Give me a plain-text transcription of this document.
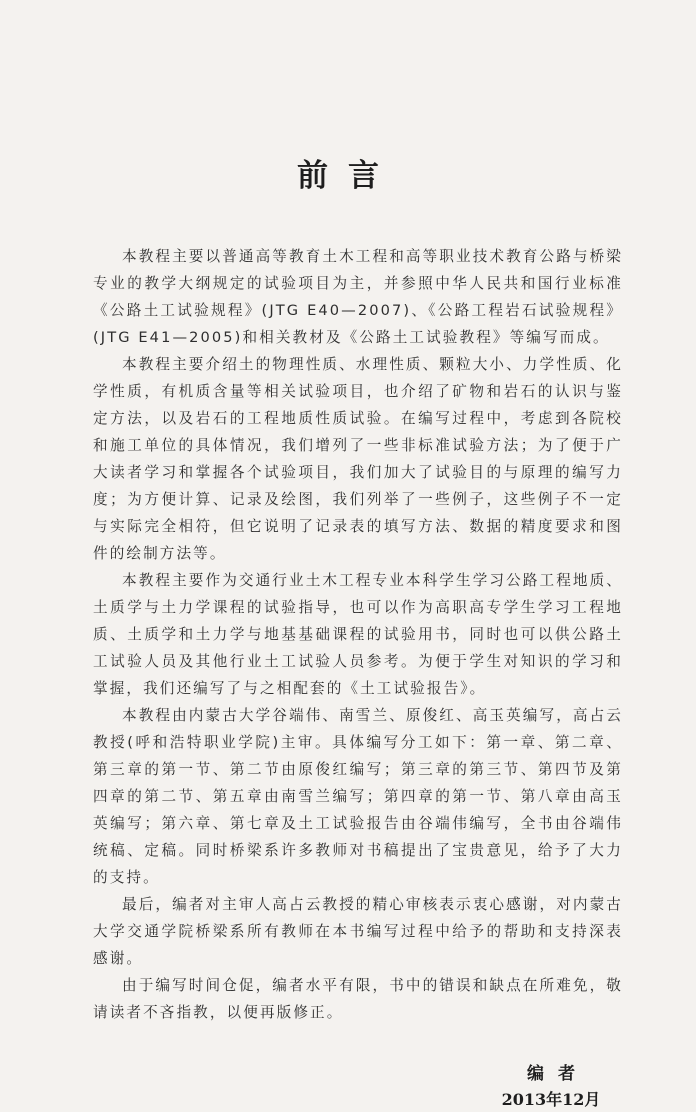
前言

本教程主要以普通高等教育土木工程和高等职业技术教育公路与桥梁专业的教学大纲规定的试验项目为主，并参照中华人民共和国行业标准《公路土工试验规程》(JTG E40—2007)、《公路工程岩石试验规程》(JTG E41—2005)和相关教材及《公路土工试验教程》等编写而成。

本教程主要介绍土的物理性质、水理性质、颗粒大小、力学性质、化学性质，有机质含量等相关试验项目，也介绍了矿物和岩石的认识与鉴定方法，以及岩石的工程地质性质试验。在编写过程中，考虑到各院校和施工单位的具体情况，我们增列了一些非标准试验方法；为了便于广大读者学习和掌握各个试验项目，我们加大了试验目的与原理的编写力度；为方便计算、记录及绘图，我们列举了一些例子，这些例子不一定与实际完全相符，但它说明了记录表的填写方法、数据的精度要求和图件的绘制方法等。

本教程主要作为交通行业土木工程专业本科学生学习公路工程地质、土质学与土力学课程的试验指导，也可以作为高职高专学生学习工程地质、土质学和土力学与地基基础课程的试验用书，同时也可以供公路土工试验人员及其他行业土工试验人员参考。为便于学生对知识的学习和掌握，我们还编写了与之相配套的《土工试验报告》。

本教程由内蒙古大学谷端伟、南雪兰、原俊红、高玉英编写，高占云教授(呼和浩特职业学院)主审。具体编写分工如下：第一章、第二章、第三章的第一节、第二节由原俊红编写；第三章的第三节、第四节及第四章的第二节、第五章由南雪兰编写；第四章的第一节、第八章由高玉英编写；第六章、第七章及土工试验报告由谷端伟编写，全书由谷端伟统稿、定稿。同时桥梁系许多教师对书稿提出了宝贵意见，给予了大力的支持。

最后，编者对主审人高占云教授的精心审核表示衷心感谢，对内蒙古大学交通学院桥梁系所有教师在本书编写过程中给予的帮助和支持深表感谢。

由于编写时间仓促，编者水平有限，书中的错误和缺点在所难免，敬请读者不吝指教，以便再版修正。

编者
2013年12月
